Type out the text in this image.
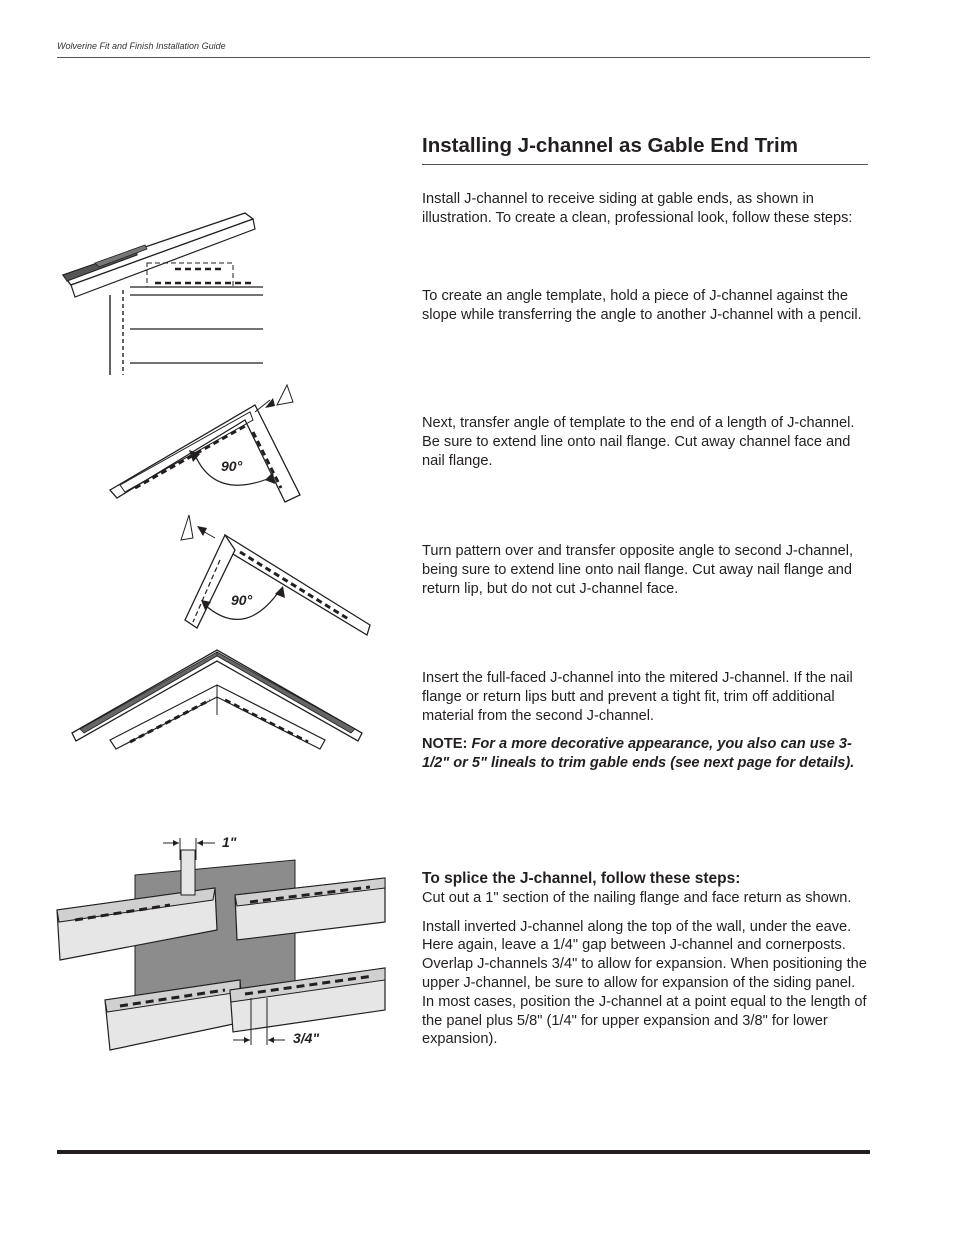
Wolverine Fit and Finish Installation Guide
Installing J-channel as Gable End Trim

Install J-channel to receive siding at gable ends, as shown in illustration. To create a clean, professional look, follow these steps:

To create an angle template, hold a piece of J-channel against the slope while transferring the angle to another J-channel with a pencil.

Next, transfer angle of template to the end of a length of J-channel. Be sure to extend line onto nail flange. Cut away channel face and nail flange.

Turn pattern over and transfer opposite angle to second J-channel, being sure to extend line onto nail flange. Cut away nail flange and return lip, but do not cut J-channel face.

Insert the full-faced J-channel into the mitered J-channel. If the nail flange or return lips butt and prevent a tight fit, trim off additional material from the second J-channel.

NOTE: For a more decorative appearance, you also can use 3-1/2" or 5" lineals to trim gable ends (see next page for details).

To splice the J-channel, follow these steps:

Cut out a 1" section of the nailing flange and face return as shown.

Install inverted J-channel along the top of the wall, under the eave. Here again, leave a 1/4" gap between J-channel and cornerposts. Overlap J-channels 3/4" to allow for expansion. When positioning the upper J-channel, be sure to allow for expansion of the siding panel. In most cases, position the J-channel at a point equal to the length of the panel plus 5/8" (1/4" for upper expansion and 3/8" for lower expansion).

90°
90°
1"
3/4"
